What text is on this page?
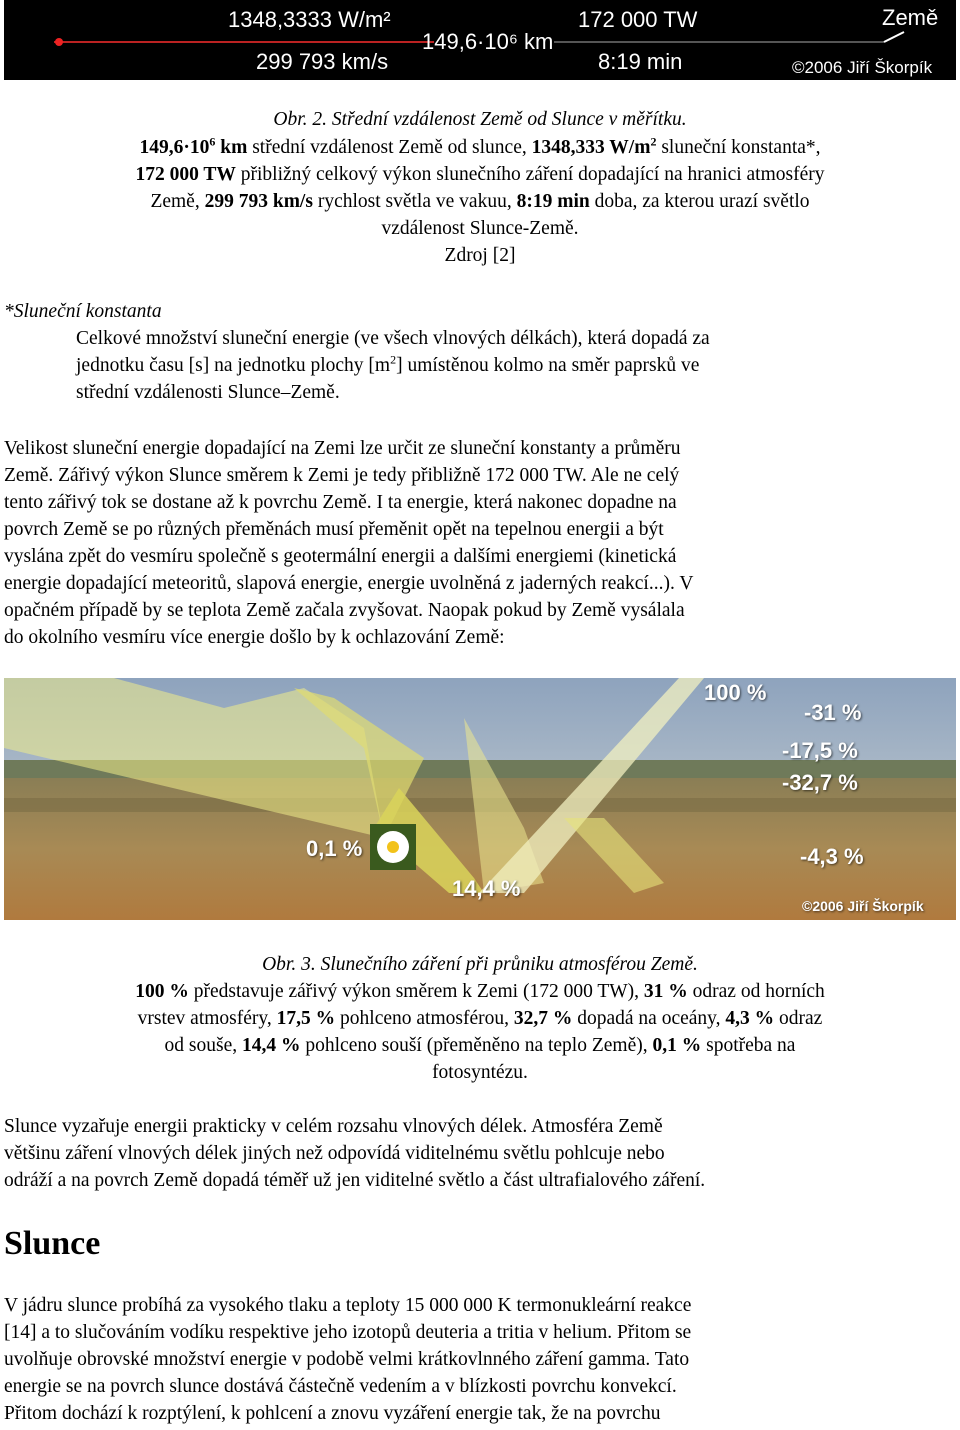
1348,3333 W/m²
299 793 km/s
149,6·10⁶ km
172 000 TW
8:19 min
Země
©2006 Jiří Škorpík
Obr. 2. Střední vzdálenost Země od Slunce v měřítku.
$149,6\cdot 10^6$ km střední vzdálenost Země od slunce, 1348,333 $W/m^2$ sluneční konstanta*,
172 000 TW přibližný celkový výkon slunečního záření dopadající na hranici atmosféry
Země, 299 793 km/s rychlost světla ve vakuu, 8:19 min doba, za kterou urazí světlo
vzdálenost Slunce-Země.
Zdroj [2]
*Sluneční konstanta
Celkové množství sluneční energie (ve všech vlnových délkách), která dopadá za
jednotku času [s] na jednotku plochy $[m^2]$ umístěnou kolmo na směr paprsků ve
střední vzdálenosti Slunce–Země.
Velikost sluneční energie dopadající na Zemi lze určit ze sluneční konstanty a průměru
Země. Zářivý výkon Slunce směrem k Zemi je tedy přibližně 172 000 TW. Ale ne celý
tento zářivý tok se dostane až k povrchu Země. I ta energie, která nakonec dopadne na
povrch Země se po různých přeměnách musí přeměnit opět na tepelnou energii a být
vyslána zpět do vesmíru společně s geotermální energii a dalšími energiemi (kinetická
energie dopadající meteoritů, slapová energie, energie uvolněná z jaderných reakcí...). V
opačném případě by se teplota Země začala zvyšovat. Naopak pokud by Země vysálala
do okolního vesmíru více energie došlo by k ochlazování Země:
100 %
-31 %
-17,5 %
-32,7 %
-4,3 %
0,1 %
14,4 %
©2006 Jiří Škorpík
Obr. 3. Slunečního záření při průniku atmosférou Země.
100 % představuje zářivý výkon směrem k Zemi (172 000 TW), 31 % odraz od horních
vrstev atmosféry, 17,5 % pohlceno atmosférou, 32,7 % dopadá na oceány, 4,3 % odraz
od souše, 14,4 % pohlceno souší (přeměněno na teplo Země), 0,1 % spotřeba na
fotosyntézu.
Slunce vyzařuje energii prakticky v celém rozsahu vlnových délek. Atmosféra Země
většinu záření vlnových délek jiných než odpovídá viditelnému světlu pohlcuje nebo
odráží a na povrch Země dopadá téměř už jen viditelné světlo a část ultrafialového záření.
Slunce
V jádru slunce probíhá za vysokého tlaku a teploty 15 000 000 K termonukleární reakce
[14] a to slučováním vodíku respektive jeho izotopů deuteria a tritia v helium. Přitom se
uvolňuje obrovské množství energie v podobě velmi krátkovlnného záření gamma. Tato
energie se na povrch slunce dostává částečně vedením a v blízkosti povrchu konvekcí.
Přitom dochází k rozptýlení, k pohlcení a znovu vyzáření energie tak, že na povrchu
